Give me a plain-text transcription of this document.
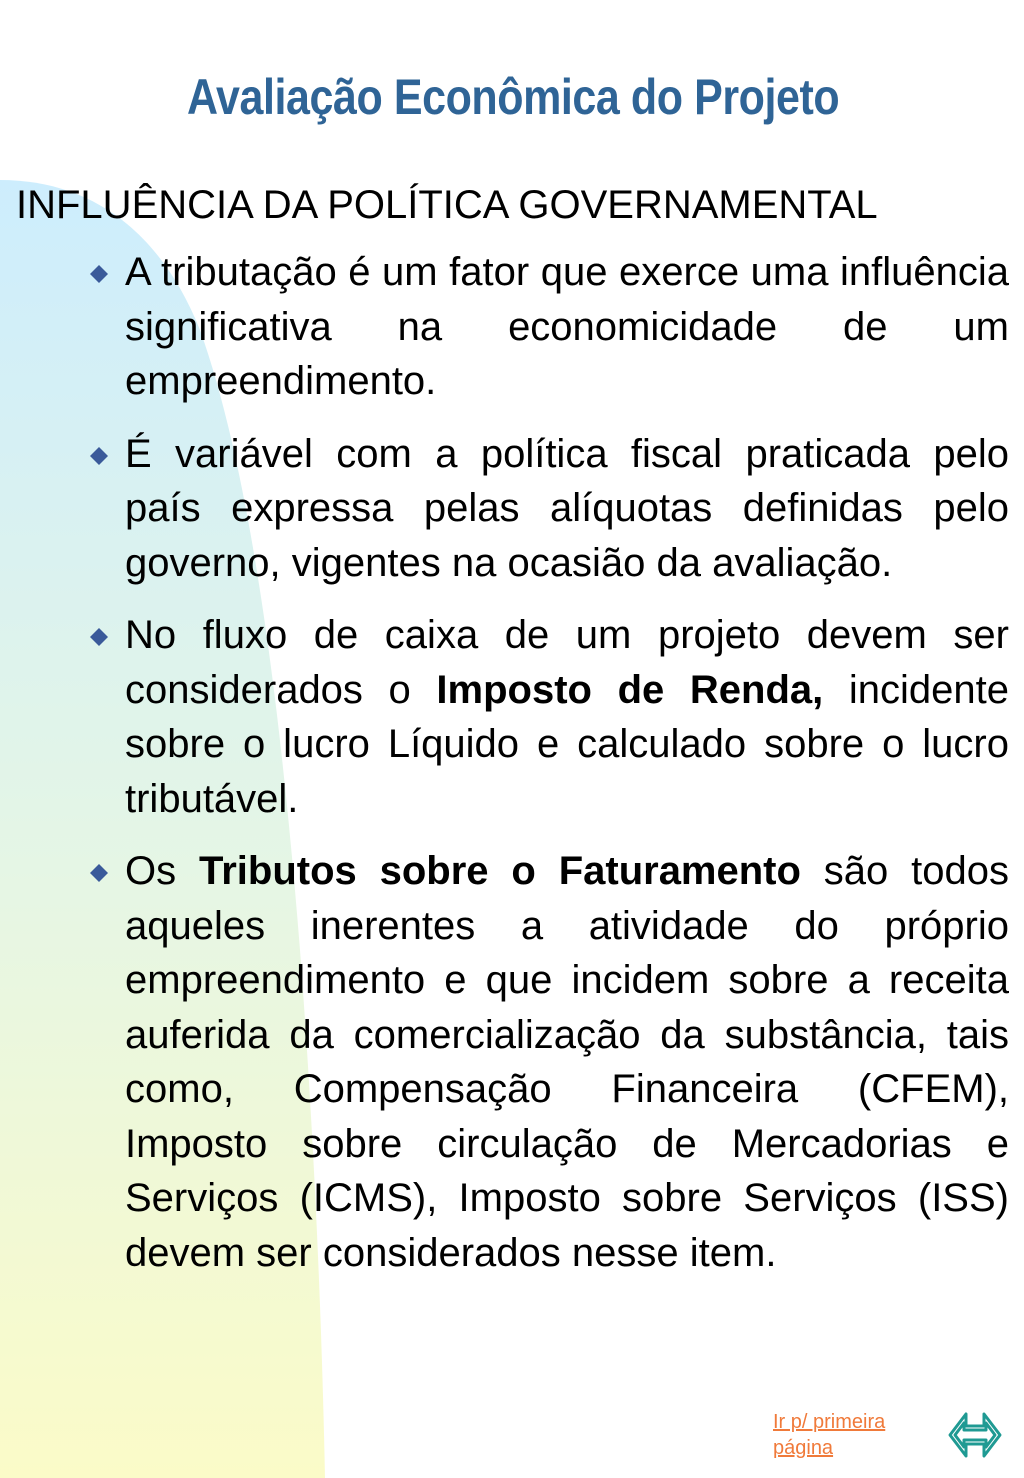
Avaliação Econômica do Projeto
INFLUÊNCIA DA POLÍTICA GOVERNAMENTAL
A tributação é um fator que exerce uma influência significativa na economicidade de um empreendimento.
É variável com a política fiscal praticada pelo país expressa pelas alíquotas definidas pelo governo, vigentes na ocasião da avaliação.
No fluxo de caixa de um projeto devem ser considerados o Imposto de Renda, incidente sobre o lucro Líquido e calculado sobre o lucro tributável.
Os Tributos sobre o Faturamento são todos aqueles inerentes a atividade do próprio empreendimento e que incidem sobre a receita auferida da comercialização da substância, tais como, Compensação Financeira (CFEM), Imposto sobre circulação de Mercadorias e Serviços (ICMS), Imposto sobre Serviços (ISS) devem ser considerados nesse item.
Ir p/ primeira página
